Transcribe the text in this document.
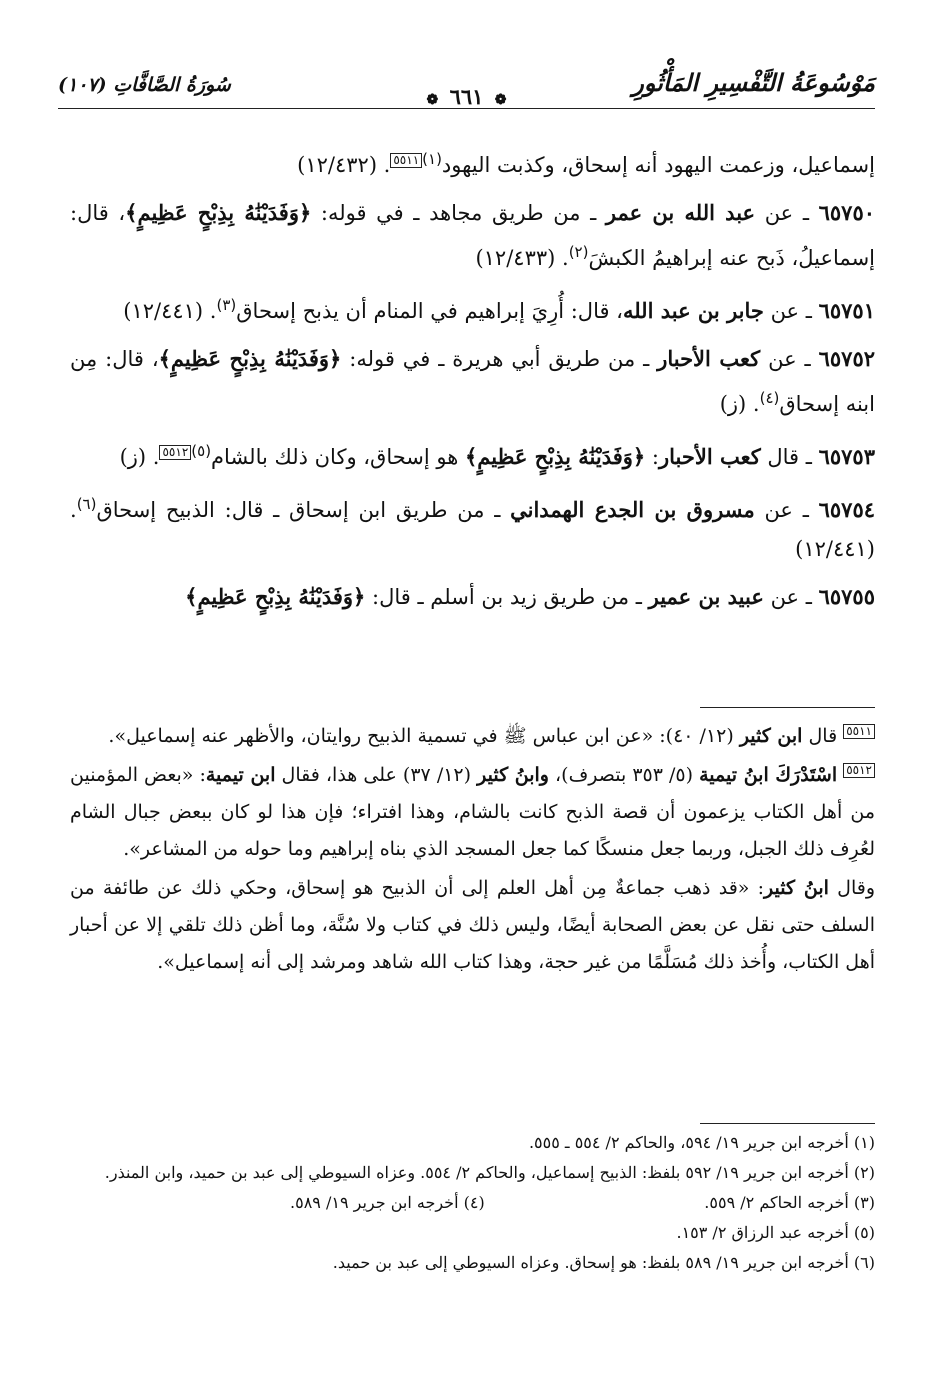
مَوْسُوعَةُ التَّفْسِيرِ المَأْثُورِ
❁ ٦٦١ ❁
سُورَةُ الصَّافَّاتِ (١٠٧)
إسماعيل، وزعمت اليهود أنه إسحاق، وكذبت اليهود$^{(١)}$٥٥١١. (١٢/٤٣٢)
٦٥٧٥٠ ـ عن عبد الله بن عمر ـ من طريق مجاهد ـ في قوله: ﴿وَفَدَيْنَٰهُ بِذِبْحٍ عَظِيمٍ﴾، قال: إسماعيلُ، ذَبح عنه إبراهيمُ الكبشَ$^{(٢)}$. (١٢/٤٣٣)
٦٥٧٥١ ـ عن جابر بن عبد الله، قال: أُرِيَ إبراهيم في المنام أن يذبح إسحاق$^{(٣)}$. (١٢/٤٤١)
٦٥٧٥٢ ـ عن كعب الأحبار ـ من طريق أبي هريرة ـ في قوله: ﴿وَفَدَيْنَٰهُ بِذِبْحٍ عَظِيمٍ﴾، قال: مِن ابنه إسحاق$^{(٤)}$. (ز)
٦٥٧٥٣ ـ قال كعب الأحبار: ﴿وَفَدَيْنَٰهُ بِذِبْحٍ عَظِيمٍ﴾ هو إسحاق، وكان ذلك بالشام$^{(٥)}$٥٥١٢. (ز)
٦٥٧٥٤ ـ عن مسروق بن الجدع الهمداني ـ من طريق ابن إسحاق ـ قال: الذبيح إسحاق$^{(٦)}$. (١٢/٤٤١)
٦٥٧٥٥ ـ عن عبيد بن عمير ـ من طريق زيد بن أسلم ـ قال: ﴿وَفَدَيْنَٰهُ بِذِبْحٍ عَظِيمٍ﴾
٥٥١١ قال ابن كثير (١٢/ ٤٠): «عن ابن عباس ﷺ في تسمية الذبيح روايتان، والأظهر عنه إسماعيل».
٥٥١٢ اسْتَدْرَكَ ابنُ تيمية (٥/ ٣٥٣ بتصرف)، وابنُ كثير (١٢/ ٣٧) على هذا، فقال ابن تيمية: «بعض المؤمنين من أهل الكتاب يزعمون أن قصة الذبح كانت بالشام، وهذا افتراء؛ فإن هذا لو كان ببعض جبال الشام لعُرِف ذلك الجبل، وربما جعل منسكًا كما جعل المسجد الذي بناه إبراهيم وما حوله من المشاعر».
وقال ابنُ كثير: «قد ذهب جماعةٌ مِن أهل العلم إلى أن الذبيح هو إسحاق، وحكي ذلك عن طائفة من السلف حتى نقل عن بعض الصحابة أيضًا، وليس ذلك في كتاب ولا سُنَّة، وما أظن ذلك تلقي إلا عن أحبار أهل الكتاب، وأُخذ ذلك مُسَلَّمًا من غير حجة، وهذا كتاب الله شاهد ومرشد إلى أنه إسماعيل».
(١) أخرجه ابن جرير ١٩/ ٥٩٤، والحاكم ٢/ ٥٥٤ ـ ٥٥٥.
(٢) أخرجه ابن جرير ١٩/ ٥٩٢ بلفظ: الذبيح إسماعيل، والحاكم ٢/ ٥٥٤. وعزاه السيوطي إلى عبد بن حميد، وابن المنذر.
(٣) أخرجه الحاكم ٢/ ٥٥٩.
(٤) أخرجه ابن جرير ١٩/ ٥٨٩.
(٥) أخرجه عبد الرزاق ٢/ ١٥٣.
(٦) أخرجه ابن جرير ١٩/ ٥٨٩ بلفظ: هو إسحاق. وعزاه السيوطي إلى عبد بن حميد.
